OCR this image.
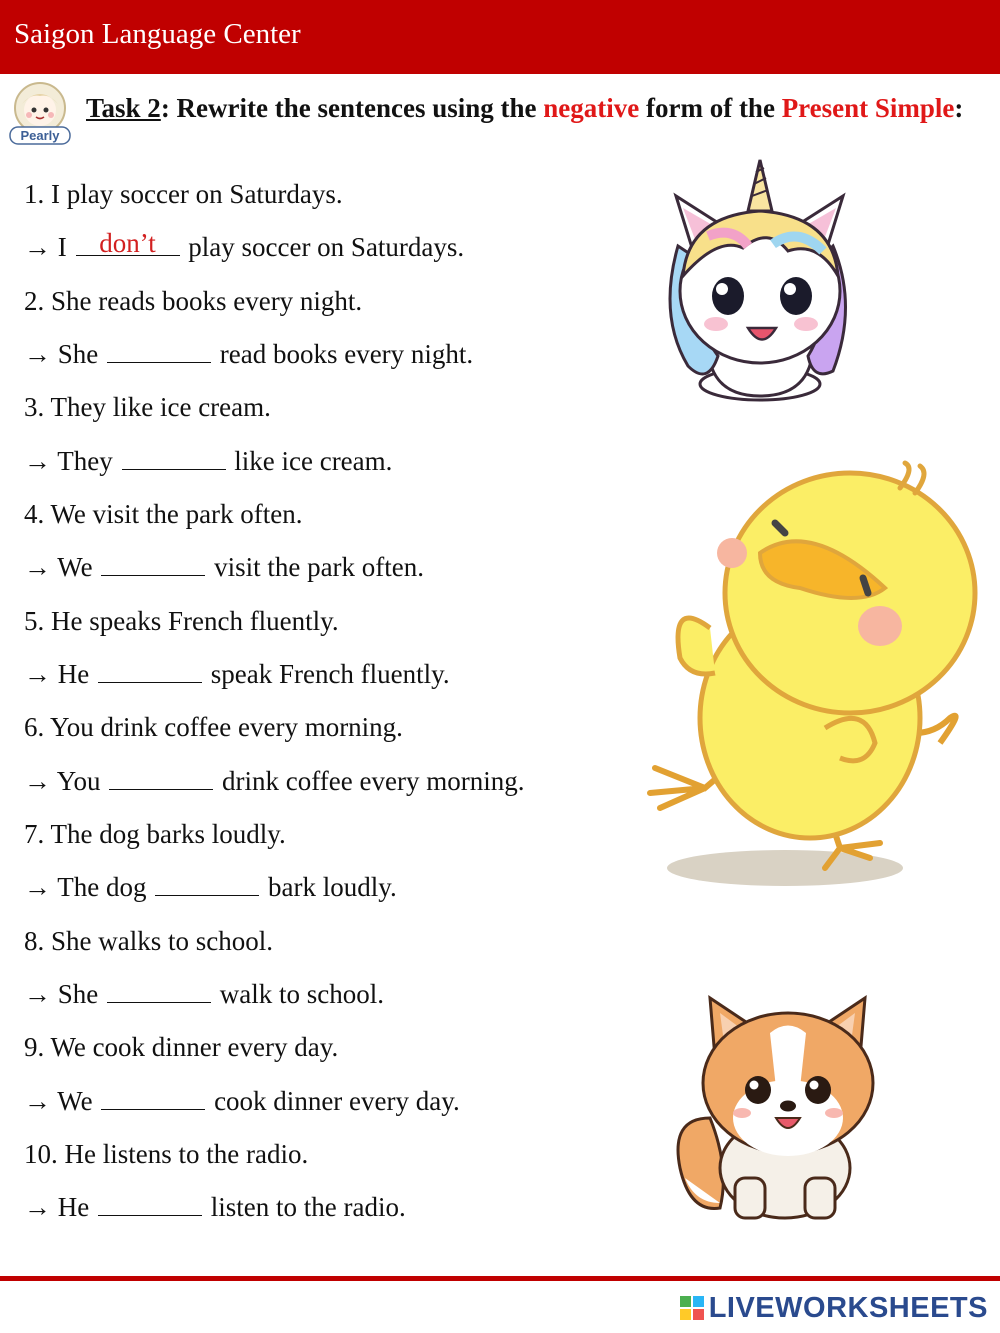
Saigon Language Center
Pearly
Task 2: Rewrite the sentences using the negative form of the Present Simple:
1. I play soccer on Saturdays.
→ I	don’t	play soccer on Saturdays.
2. She reads books every night.
→ She	read books every night.
3. They like ice cream.
→ They	like ice cream.
4. We visit the park often.
→ We	visit the park often.
5. He speaks French fluently.
→ He	speak French fluently.
6. You drink coffee every morning.
→ You	drink coffee every morning.
7. The dog barks loudly.
→ The dog	bark loudly.
8. She walks to school.
→ She	walk to school.
9. We cook dinner every day.
→ We	cook dinner every day.
10. He listens to the radio.
→ He	listen to the radio.
LIVEWORKSHEETS
